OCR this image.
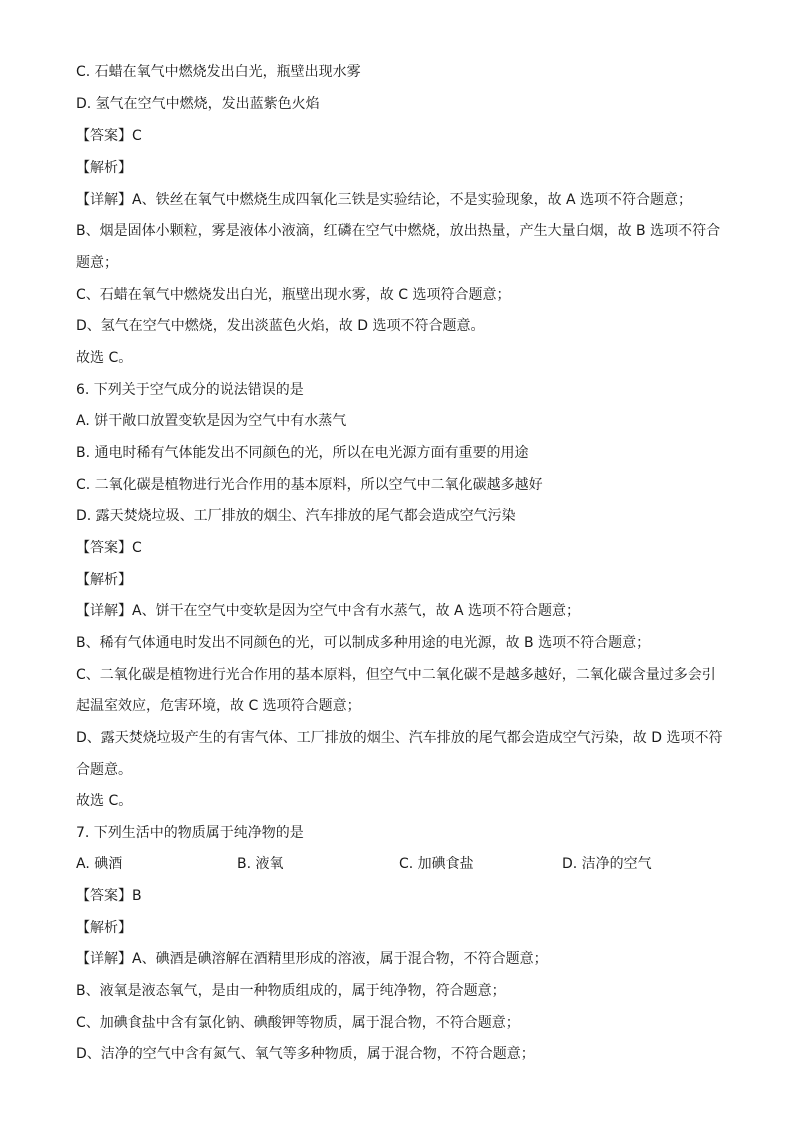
C. 石蜡在氧气中燃烧发出白光，瓶壁出现水雾
D. 氢气在空气中燃烧，发出蓝紫色火焰
【答案】C
【解析】
【详解】A、铁丝在氧气中燃烧生成四氧化三铁是实验结论，不是实验现象，故 A 选项不符合题意；
B、烟是固体小颗粒，雾是液体小液滴，红磷在空气中燃烧，放出热量，产生大量白烟，故 B 选项不符合
题意；
C、石蜡在氧气中燃烧发出白光，瓶壁出现水雾，故 C 选项符合题意；
D、氢气在空气中燃烧，发出淡蓝色火焰，故 D 选项不符合题意。
故选 C。
6. 下列关于空气成分的说法错误的是
A. 饼干敞口放置变软是因为空气中有水蒸气
B. 通电时稀有气体能发出不同颜色的光，所以在电光源方面有重要的用途
C. 二氧化碳是植物进行光合作用的基本原料，所以空气中二氧化碳越多越好
D. 露天焚烧垃圾、工厂排放的烟尘、汽车排放的尾气都会造成空气污染
【答案】C
【解析】
【详解】A、饼干在空气中变软是因为空气中含有水蒸气，故 A 选项不符合题意；
B、稀有气体通电时发出不同颜色的光，可以制成多种用途的电光源，故 B 选项不符合题意；
C、二氧化碳是植物进行光合作用的基本原料，但空气中二氧化碳不是越多越好，二氧化碳含量过多会引
起温室效应，危害环境，故 C 选项符合题意；
D、露天焚烧垃圾产生的有害气体、工厂排放的烟尘、汽车排放的尾气都会造成空气污染，故 D 选项不符
合题意。
故选 C。
7. 下列生活中的物质属于纯净物的是
A. 碘酒	B. 液氧	C. 加碘食盐	D. 洁净的空气
【答案】B
【解析】
【详解】A、碘酒是碘溶解在酒精里形成的溶液，属于混合物，不符合题意；
B、液氧是液态氧气，是由一种物质组成的，属于纯净物，符合题意；
C、加碘食盐中含有氯化钠、碘酸钾等物质，属于混合物，不符合题意；
D、洁净的空气中含有氮气、氧气等多种物质，属于混合物，不符合题意；
